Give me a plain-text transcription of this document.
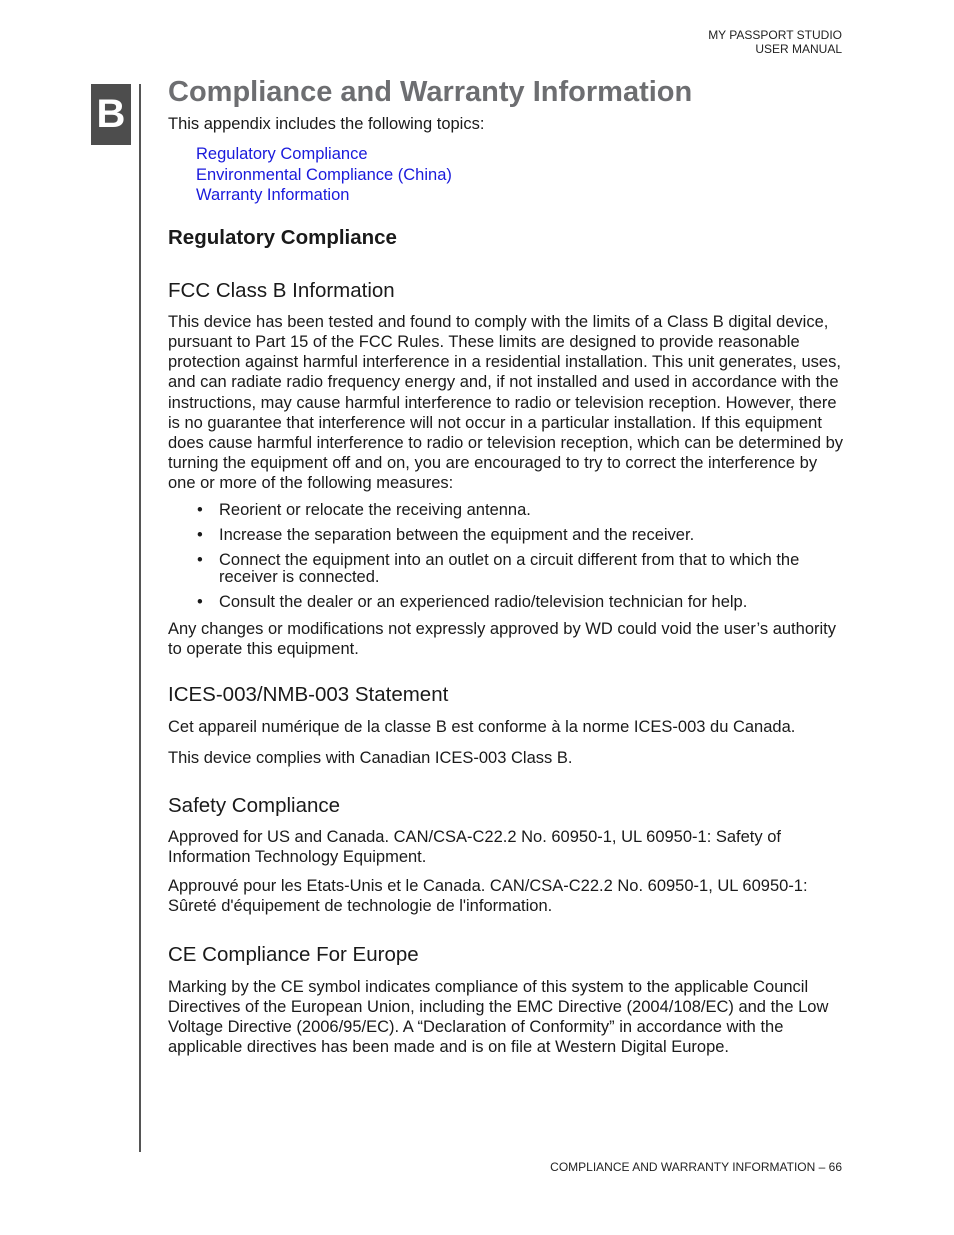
MY PASSPORT STUDIO
USER MANUAL
B Compliance and Warranty Information

This appendix includes the following topics:

Regulatory Compliance
Environmental Compliance (China)
Warranty Information
Regulatory Compliance
FCC Class B Information

This device has been tested and found to comply with the limits of a Class B digital device, pursuant to Part 15 of the FCC Rules. These limits are designed to provide reasonable protection against harmful interference in a residential installation. This unit generates, uses, and can radiate radio frequency energy and, if not installed and used in accordance with the instructions, may cause harmful interference to radio or television reception. However, there is no guarantee that interference will not occur in a particular installation. If this equipment does cause harmful interference to radio or television reception, which can be determined by turning the equipment off and on, you are encouraged to try to correct the interference by one or more of the following measures:

• Reorient or relocate the receiving antenna.
• Increase the separation between the equipment and the receiver.
• Connect the equipment into an outlet on a circuit different from that to which the receiver is connected.
• Consult the dealer or an experienced radio/television technician for help.

Any changes or modifications not expressly approved by WD could void the user’s authority to operate this equipment.

ICES-003/NMB-003 Statement

Cet appareil numérique de la classe B est conforme à la norme ICES-003 du Canada.

This device complies with Canadian ICES-003 Class B.

Safety Compliance

Approved for US and Canada. CAN/CSA-C22.2 No. 60950-1, UL 60950-1: Safety of Information Technology Equipment.

Approuvé pour les Etats-Unis et le Canada. CAN/CSA-C22.2 No. 60950-1, UL 60950-1: Sûreté d'équipement de technologie de l'information.

CE Compliance For Europe

Marking by the CE symbol indicates compliance of this system to the applicable Council Directives of the European Union, including the EMC Directive (2004/108/EC) and the Low Voltage Directive (2006/95/EC). A “Declaration of Conformity” in accordance with the applicable directives has been made and is on file at Western Digital Europe.

COMPLIANCE AND WARRANTY INFORMATION – 66
